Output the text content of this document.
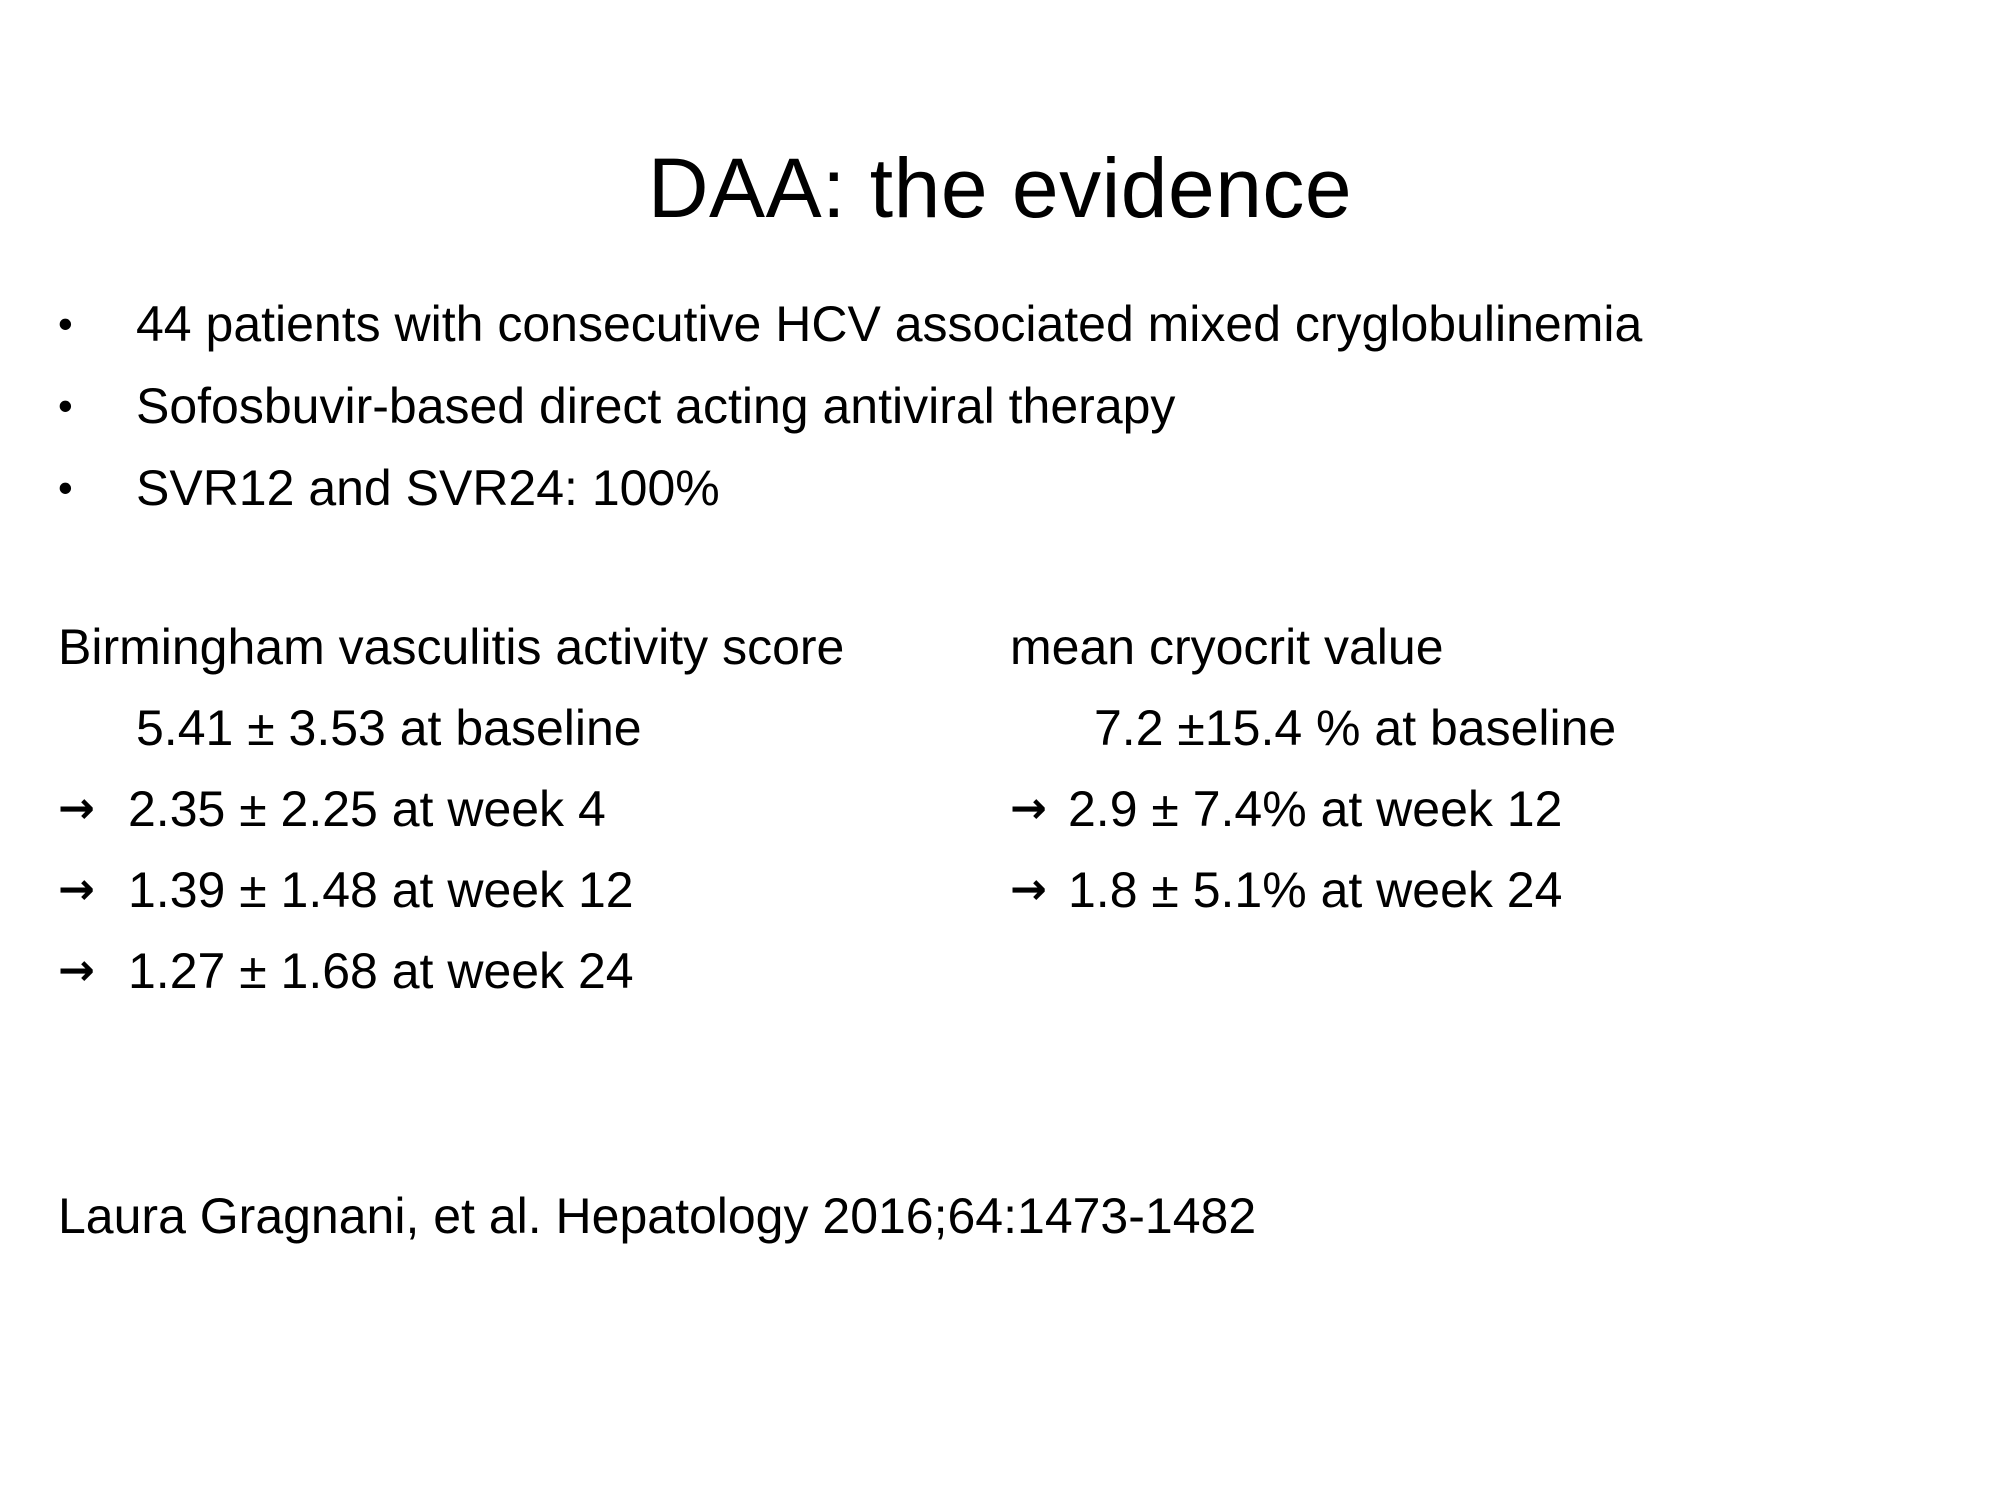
DAA: the evidence
•	44 patients with consecutive HCV associated mixed cryglobulinemia
•	Sofosbuvir-based direct acting antiviral therapy
•	SVR12 and SVR24: 100%
Birmingham vasculitis activity score
5.41 ± 3.53 at baseline
→ 2.35 ± 2.25 at week 4
→ 1.39 ± 1.48 at week 12
→ 1.27 ± 1.68 at week 24
mean cryocrit value
7.2 ±15.4 % at baseline
→ 2.9 ± 7.4% at week 12
→ 1.8 ± 5.1% at week 24
Laura Gragnani, et al. Hepatology 2016;64:1473-1482
